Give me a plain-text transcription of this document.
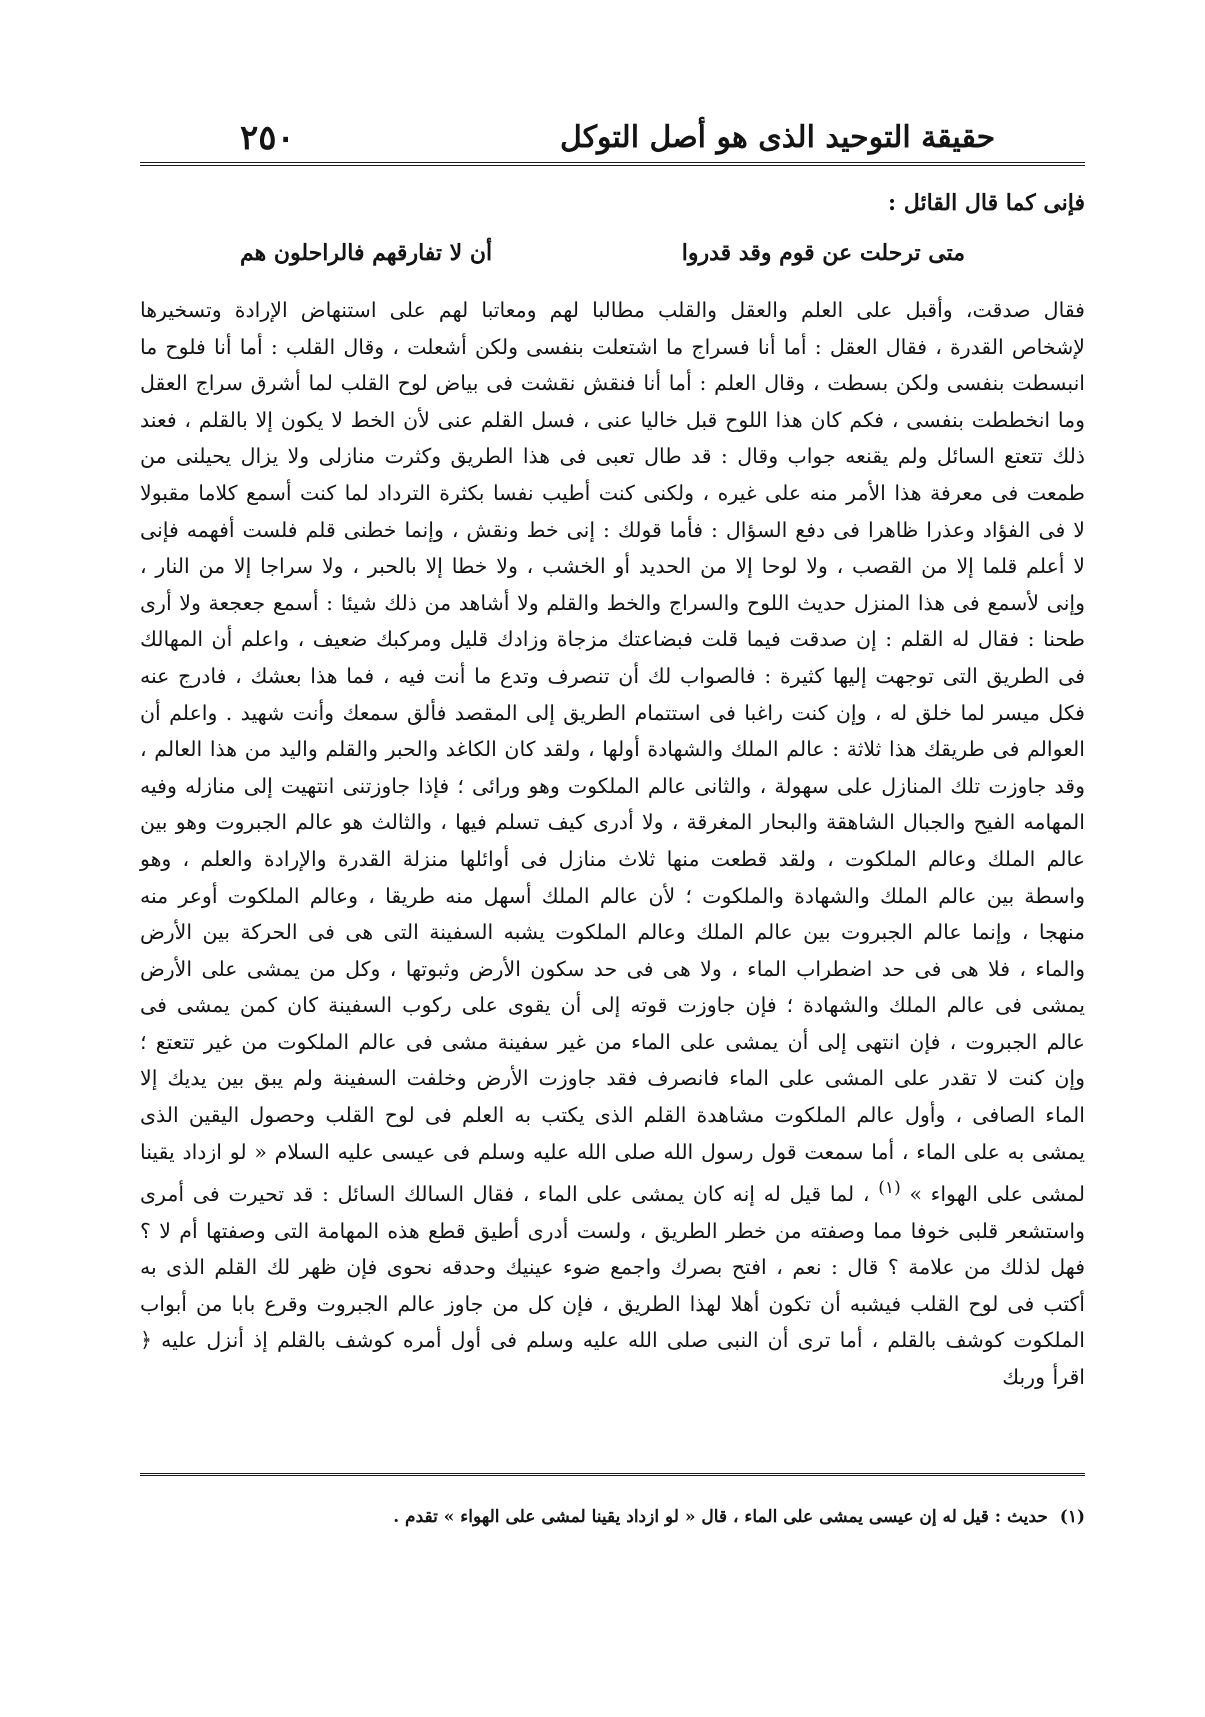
٢٥٠	حقيقة التوحيد الذى هو أصل التوكل
فإنى كما قال القائل :
متى ترحلت عن قوم وقد قدروا
أن لا تفارقهم فالراحلون هم

فقال صدقت، وأقبل على العلم والعقل والقلب مطالبا لهم ومعاتبا لهم على استنهاض الإرادة وتسخيرها لإشخاص القدرة ، فقال العقل : أما أنا فسراج ما اشتعلت بنفسى ولكن أشعلت ، وقال القلب : أما أنا فلوح ما انبسطت بنفسى ولكن بسطت ، وقال العلم : أما أنا فنقش نقشت فى بياض لوح القلب لما أشرق سراج العقل وما انخططت بنفسى ، فكم كان هذا اللوح قبل خاليا عنى ، فسل القلم عنى لأن الخط لا يكون إلا بالقلم ، فعند ذلك تتعتع السائل ولم يقنعه جواب وقال : قد طال تعبى فى هذا الطريق وكثرت منازلى ولا يزال يحيلنى من طمعت فى معرفة هذا الأمر منه على غيره ، ولكنى كنت أطيب نفسا بكثرة الترداد لما كنت أسمع كلاما مقبولا لا فى الفؤاد وعذرا ظاهرا فى دفع السؤال : فأما قولك : إنى خط ونقش ، وإنما خطنى قلم فلست أفهمه فإنى لا أعلم قلما إلا من القصب ، ولا لوحا إلا من الحديد أو الخشب ، ولا خطا إلا بالحبر ، ولا سراجا إلا من النار ، وإنى لأسمع فى هذا المنزل حديث اللوح والسراج والخط والقلم ولا أشاهد من ذلك شيئا : أسمع جعجعة ولا أرى طحنا : فقال له القلم : إن صدقت فيما قلت فبضاعتك مزجاة وزادك قليل ومركبك ضعيف ، واعلم أن المهالك فى الطريق التى توجهت إليها كثيرة : فالصواب لك أن تنصرف وتدع ما أنت فيه ، فما هذا بعشك ، فادرج عنه فكل ميسر لما خلق له ، وإن كنت راغبا فى استتمام الطريق إلى المقصد فألق سمعك وأنت شهيد . واعلم أن العوالم فى طريقك هذا ثلاثة : عالم الملك والشهادة أولها ، ولقد كان الكاغد والحبر والقلم واليد من هذا العالم ، وقد جاوزت تلك المنازل على سهولة ، والثانى عالم الملكوت وهو ورائى ؛ فإذا جاوزتنى انتهيت إلى منازله وفيه المهامه الفيح والجبال الشاهقة والبحار المغرقة ، ولا أدرى كيف تسلم فيها ، والثالث هو عالم الجبروت وهو بين عالم الملك وعالم الملكوت ، ولقد قطعت منها ثلاث منازل فى أوائلها منزلة القدرة والإرادة والعلم ، وهو واسطة بين عالم الملك والشهادة والملكوت ؛ لأن عالم الملك أسهل منه طريقا ، وعالم الملكوت أوعر منه منهجا ، وإنما عالم الجبروت بين عالم الملك وعالم الملكوت يشبه السفينة التى هى فى الحركة بين الأرض والماء ، فلا هى فى حد اضطراب الماء ، ولا هى فى حد سكون الأرض وثبوتها ، وكل من يمشى على الأرض يمشى فى عالم الملك والشهادة ؛ فإن جاوزت قوته إلى أن يقوى على ركوب السفينة كان كمن يمشى فى عالم الجبروت ، فإن انتهى إلى أن يمشى على الماء من غير سفينة مشى فى عالم الملكوت من غير تتعتع ؛ وإن كنت لا تقدر على المشى على الماء فانصرف فقد جاوزت الأرض وخلفت السفينة ولم يبق بين يديك إلا الماء الصافى ، وأول عالم الملكوت مشاهدة القلم الذى يكتب به العلم فى لوح القلب وحصول اليقين الذى يمشى به على الماء ، أما سمعت قول رسول الله صلى الله عليه وسلم فى عيسى عليه السلام « لو ازداد يقينا لمشى على الهواء » $^{(١)}$ ، لما قيل له إنه كان يمشى على الماء ، فقال السالك السائل : قد تحيرت فى أمرى واستشعر قلبى خوفا مما وصفته من خطر الطريق ، ولست أدرى أطيق قطع هذه المهامة التى وصفتها أم لا ؟ فهل لذلك من علامة ؟ قال : نعم ، افتح بصرك واجمع ضوء عينيك وحدقه نحوى فإن ظهر لك القلم الذى به أكتب فى لوح القلب فيشبه أن تكون أهلا لهذا الطريق ، فإن كل من جاوز عالم الجبروت وقرع بابا من أبواب الملكوت كوشف بالقلم ، أما ترى أن النبى صلى الله عليه وسلم فى أول أمره كوشف بالقلم إذ أنزل عليه ﴿ اقرأ وربك

(١) حديث : قيل له إن عيسى يمشى على الماء ، قال « لو ازداد يقينا لمشى على الهواء » تقدم .
